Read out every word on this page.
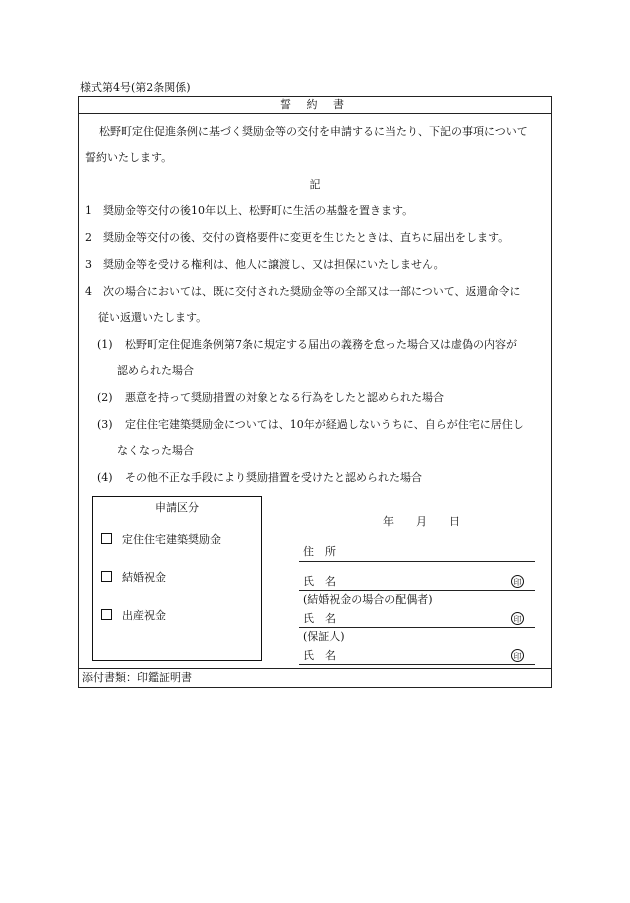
様式第4号(第2条関係)
誓 約 書
松野町定住促進条例に基づく奨励金等の交付を申請するに当たり、下記の事項について
誓約いたします。
記
1 奨励金等交付の後10年以上、松野町に生活の基盤を置きます。
2 奨励金等交付の後、交付の資格要件に変更を生じたときは、直ちに届出をします。
3 奨励金等を受ける権利は、他人に譲渡し、又は担保にいたしません。
4 次の場合においては、既に交付された奨励金等の全部又は一部について、返還命令に
従い返還いたします。
(1) 松野町定住促進条例第7条に規定する届出の義務を怠った場合又は虚偽の内容が
認められた場合
(2) 悪意を持って奨励措置の対象となる行為をしたと認められた場合
(3) 定住住宅建築奨励金については、10年が経過しないうちに、自らが住宅に居住し
なくなった場合
(4) その他不正な手段により奨励措置を受けたと認められた場合
申請区分
定住住宅建築奨励金
結婚祝金
出産祝金
年　　月　　日
住　所
氏　名	印
(結婚祝金の場合の配偶者)
氏　名	印
(保証人)
氏　名	印
添付書類：印鑑証明書
